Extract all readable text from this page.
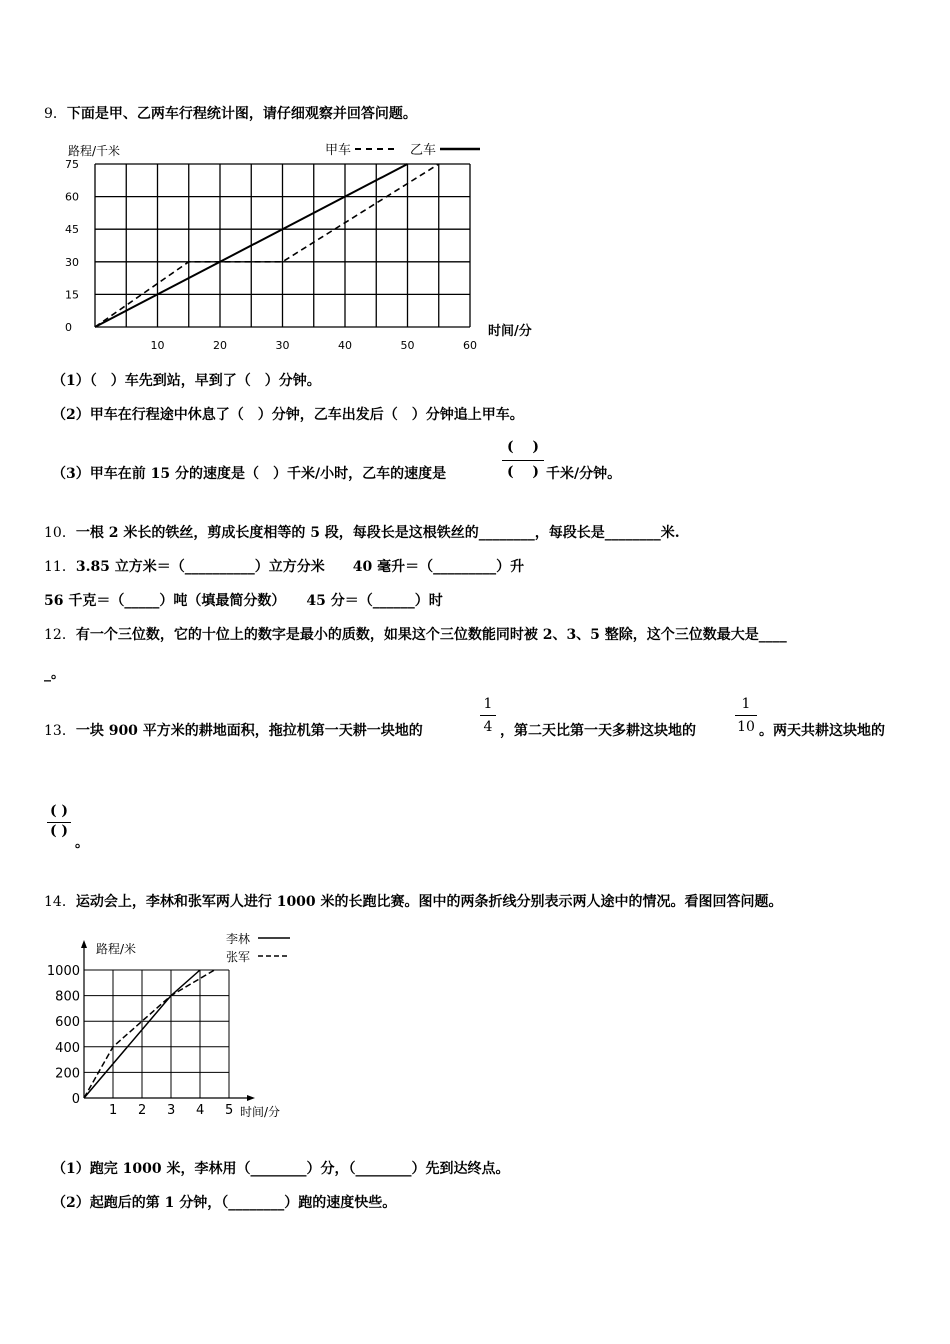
9．下面是甲、乙两车行程统计图，请仔细观察并回答问题。
0
15
30
45
60
75
10	20	30	40	50	60
路程/千米
时间/分
甲车	乙车
（1）（　）车先到站，早到了（　）分钟。
（2）甲车在行程途中休息了（　）分钟，乙车出发后（　）分钟追上甲车。
（3）甲车在前 15 分的速度是（　）千米/小时，乙车的速度是
(　 )
(　 ) 千米/分钟。
10．一根 2 米长的铁丝，剪成长度相等的 5 段，每段长是这根铁丝的________，每段长是________米.
11．3.85 立方米＝（__________）立方分米　　40 毫升＝（_________）升
56 千克＝（_____）吨（填最简分数）　　45 分＝（______）时
12．有一个三位数，它的十位上的数字是最小的质数，如果这个三位数能同时被 2、3、5 整除，这个三位数最大是____
_。
13．一块 900 平方米的耕地面积，拖拉机第一天耕一块地的	$\frac{1}{4}$ ，第二天比第一天多耕这块地的	$\frac{1}{10}$ 。两天共耕这块地的
( )
( )
。
14．运动会上，李林和张军两人进行 1000 米的长跑比赛。图中的两条折线分别表示两人途中的情况。看图回答问题。
0
200
400
600
800
1000
1 2 3 4 5
路程/米
时间/分
李林
张军
（1）跑完 1000 米，李林用（________）分，（________）先到达终点。
（2）起跑后的第 1 分钟，（________）跑的速度快些。
